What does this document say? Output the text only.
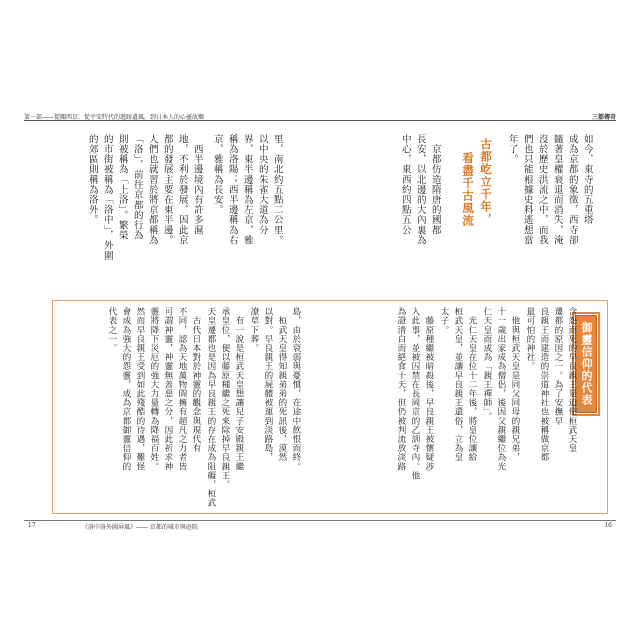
第一部——從關西京：從平安時代的遊跡遺風，到日本人的心靈故鄉
里，南北約五點二公里。
以中央的朱雀大道為分
界，東半邊稱為左京，雅
稱為洛陽；西半邊稱為右
京，雅稱為長安。
　西半邊境內有許多濕
地，不利於發展，因此京
都的發展主要在東半邊。
人們也就習於將京都稱為
「洛」，前往京都的行為
則被稱為「上洛」。繁榮
的市街被稱為「洛中」，外圍
的郊區則稱為洛外。
17	《洛中洛外圖屏風》—— 京都的城市與庭院
三都傳奇
如今，東寺的五重塔
成為京都的象徵，西寺卻
隨著皇權衰退而消失，淹
沒於歷史洪流之中，而我
們也只能根據史料遙想當
年了。
古都屹立千年，
看盡千古風流
　京都仿造隋唐的國都
長安，以北邊的大內裏為
中心，東西約四點五公
16
御靈信仰的代表
含怨而死的早良親王是迫使桓武天皇
遷都的原因之一。為了安撫早
良親王而建造的崇道神社也被稱做京都
最可怕的神社。
　他與桓武天皇是同父同母的親兄弟，
十一歲出家成為僧侶，後因父親繼位為光
仁天皇而成為「親王禪師」。
　光仁天皇在位十二年後，將皇位讓給
桓武天皇，並讓早良親王還俗，立為皇
太子。
　藤原種繼被暗殺後，早良親王被懷疑涉
入此事，並被囚禁在長岡京的乙訓寺內。他
為證清白而絕食十天，但仍被判流放淡路
島，由於衰弱與憂憤，在途中飲恨而終。
　桓武天皇得知親弟弟的死訊後，漠然
以對。早良親王的屍體被運到淡路島，
潦草下葬。
　有一說是桓武天皇想讓兒子安殿親王繼
承皇位，便以藤原種繼之死來除掉早良親王。
天皇遷都也是因為早良親王的存在成為阻礙，桓武
　古代日本對於神靈的觀念與現代有
不同，認為天地萬物間擁有超凡之力者皆
可謂神靈，神靈無善惡之分，因此祈求神
靈將降下災厄的強大力量轉為降福百姓。
然而早良親王受到如此殘酷的待遇，難怪
會成為強大的怨靈，成為京都御靈信仰的
代表之一。
